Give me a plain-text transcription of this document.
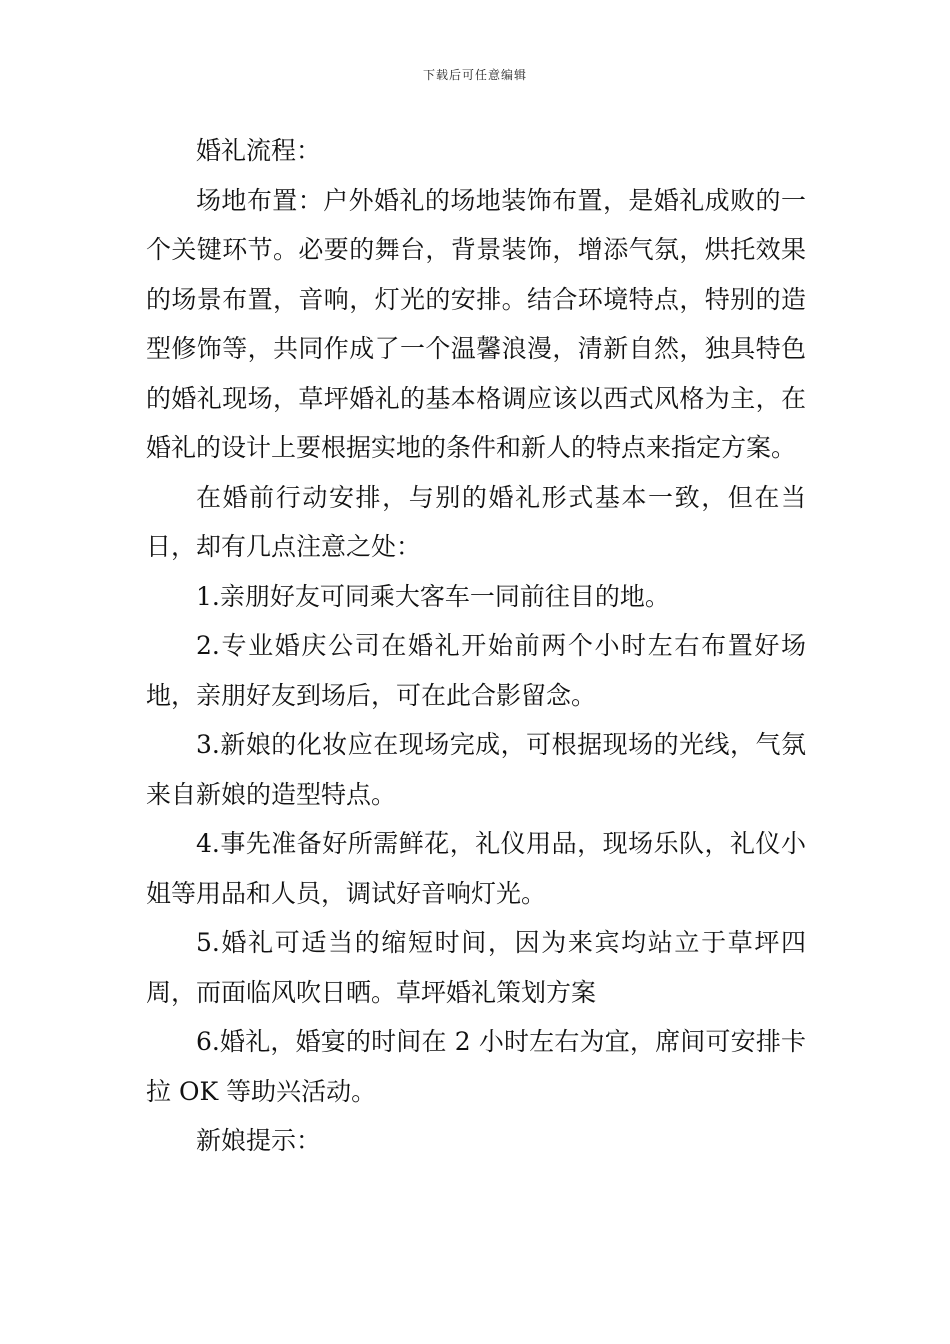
下载后可任意编辑

婚礼流程：

场地布置：户外婚礼的场地装饰布置，是婚礼成败的一个关键环节。必要的舞台，背景装饰，增添气氛，烘托效果的场景布置，音响，灯光的安排。结合环境特点，特别的造型修饰等，共同作成了一个温馨浪漫，清新自然，独具特色的婚礼现场，草坪婚礼的基本格调应该以西式风格为主，在婚礼的设计上要根据实地的条件和新人的特点来指定方案。

在婚前行动安排，与别的婚礼形式基本一致，但在当日，却有几点注意之处：

1.亲朋好友可同乘大客车一同前往目的地。

2.专业婚庆公司在婚礼开始前两个小时左右布置好场地，亲朋好友到场后，可在此合影留念。

3.新娘的化妆应在现场完成，可根据现场的光线，气氛来自新娘的造型特点。

4.事先准备好所需鲜花，礼仪用品，现场乐队，礼仪小姐等用品和人员，调试好音响灯光。

5.婚礼可适当的缩短时间，因为来宾均站立于草坪四周，而面临风吹日晒。草坪婚礼策划方案

6.婚礼，婚宴的时间在 2 小时左右为宜，席间可安排卡拉 OK 等助兴活动。

新娘提示：
